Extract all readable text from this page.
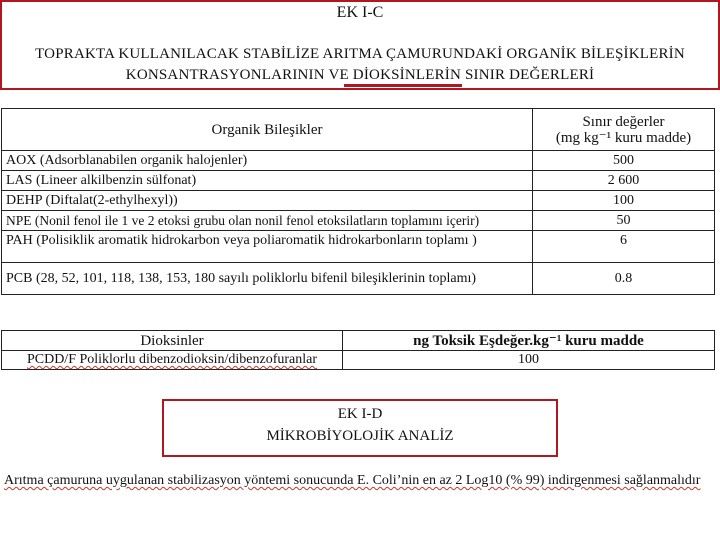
EK I-C
TOPRAKTA KULLANILACAK STABİLİZE ARITMA ÇAMURUNDAKİ ORGANİK BİLEŞİKLERİN
KONSANTRASYONLARININ VE DİOKSİNLERİN SINIR DEĞERLERİ
Organik Bileşikler	Sınır değerler
(mg kg⁻¹ kuru madde)

AOX (Adsorblanabilen organik halojenler)	500
LAS (Lineer alkilbenzin sülfonat)	2 600
DEHP (Diftalat(2-ethylhexyl))	100
NPE (Nonil fenol ile 1 ve 2 etoksi grubu olan nonil fenol etoksilatların toplamını içerir)	50
PAH (Polisiklik aromatik hidrokarbon veya poliaromatik hidrokarbonların toplamı )	6
PCB (28, 52, 101, 118, 138, 153, 180 sayılı poliklorlu bifenil bileşiklerinin toplamı)	0.8
Dioksinler	ng Toksik Eşdeğer.kg⁻¹ kuru madde
PCDD/F Poliklorlu dibenzodioksin/dibenzofuranlar	100
EK I-D
MİKROBİYOLOJİK ANALİZ
Arıtma çamuruna uygulanan stabilizasyon yöntemi sonucunda E. Coli’nin en az 2 Log10 (% 99) indirgenmesi sağlanmalıdır
